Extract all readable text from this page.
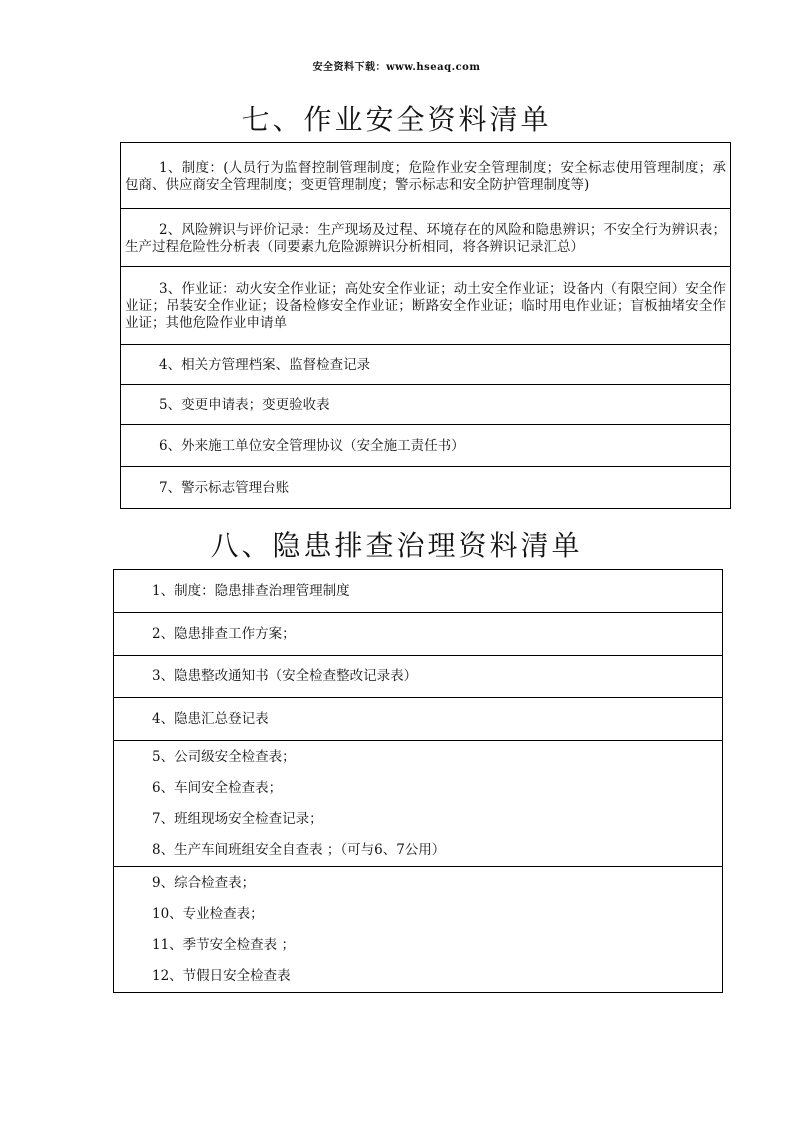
安全资料下载：www.hseaq.com
七、作业安全资料清单
1、制度：(人员行为监督控制管理制度；危险作业安全管理制度；安全标志使用管理制度；承包商、供应商安全管理制度；变更管理制度；警示标志和安全防护管理制度等)
2、风险辨识与评价记录：生产现场及过程、环境存在的风险和隐患辨识；不安全行为辨识表；生产过程危险性分析表（同要素九危险源辨识分析相同，将各辨识记录汇总）
3、作业证：动火安全作业证；高处安全作业证；动土安全作业证；设备内（有限空间）安全作业证；吊装安全作业证；设备检修安全作业证；断路安全作业证；临时用电作业证；盲板抽堵安全作业证；其他危险作业申请单
4、相关方管理档案、监督检查记录
5、变更申请表；变更验收表
6、外来施工单位安全管理协议（安全施工责任书）
7、警示标志管理台账
八、隐患排查治理资料清单
1、制度：隐患排查治理管理制度
2、隐患排查工作方案；
3、隐患整改通知书（安全检查整改记录表）
4、隐患汇总登记表

5、公司级安全检查表；
6、车间安全检查表；
7、班组现场安全检查记录；
8、生产车间班组安全自查表 ；（可与6、7公用）

9、综合检查表；
10、专业检查表；
11、季节安全检查表 ；
12、节假日安全检查表
